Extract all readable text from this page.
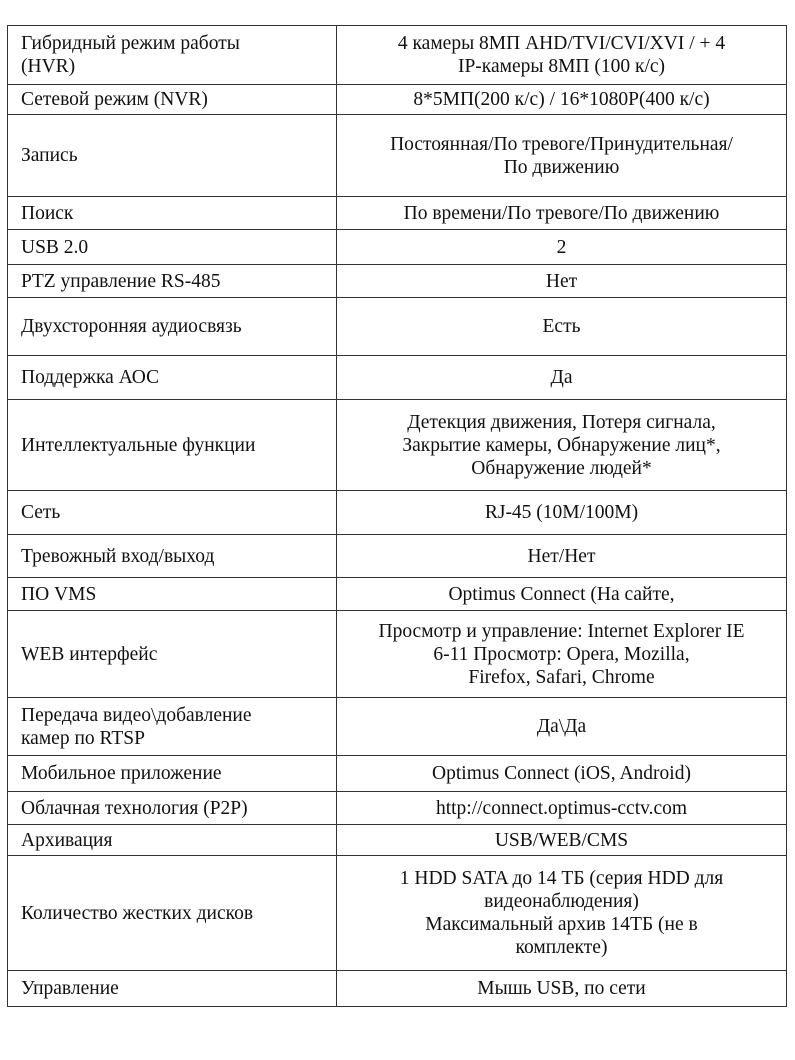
Гибридный режим работы
(HVR)	4 камеры 8МП AHD/TVI/CVI/XVI / + 4
IP-камеры 8МП (100 к/с)
Сетевой режим (NVR)	8*5МП(200 к/с) / 16*1080P(400 к/с)
Запись	Постоянная/По тревоге/Принудительная/
По движению
Поиск	По времени/По тревоге/По движению
USB 2.0	2
PTZ управление RS-485	Нет
Двухсторонняя аудиосвязь	Есть
Поддержка АОС	Да
Интеллектуальные функции	Детекция движения, Потеря сигнала,
Закрытие камеры, Обнаружение лиц*,
Обнаружение людей*
Сеть	RJ-45 (10M/100M)
Тревожный вход/выход	Нет/Нет
ПО VMS	Optimus Connect (На сайте,
WEB интерфейс	Просмотр и управление: Internet Explorer IE
6-11 Просмотр: Opera, Mozilla,
Firefox, Safari, Chrome
Передача видео\добавление
камер по RTSP	Да\Да
Мобильное приложение	Optimus Connect (iOS, Android)
Облачная технология (P2P)	http://connect.optimus-cctv.com
Архивация	USB/WEB/CMS
Количество жестких дисков	1 HDD SATA до 14 ТБ (серия HDD для
видеонаблюдения)
Максимальный архив 14ТБ (не в
комплекте)
Управление	Мышь USB, по сети
